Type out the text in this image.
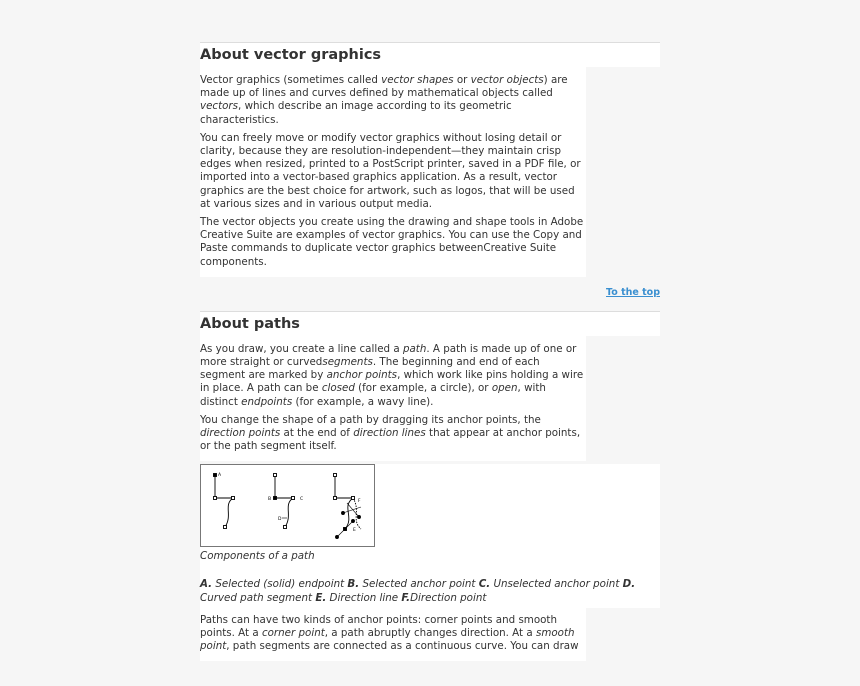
About vector graphics

Vector graphics (sometimes called vector shapes or vector objects) are made up of lines and curves defined by mathematical objects called vectors, which describe an image according to its geometric characteristics.

You can freely move or modify vector graphics without losing detail or clarity, because they are resolution-independent—they maintain crisp edges when resized, printed to a PostScript printer, saved in a PDF file, or imported into a vector-based graphics application. As a result, vector graphics are the best choice for artwork, such as logos, that will be used at various sizes and in various output media.

The vector objects you create using the drawing and shape tools in Adobe Creative Suite are examples of vector graphics. You can use the Copy and Paste commands to duplicate vector graphics betweenCreative Suite components.

To the top
About paths

As you draw, you create a line called a path. A path is made up of one or more straight or curvedsegments. The beginning and end of each segment are marked by anchor points, which work like pins holding a wire in place. A path can be closed (for example, a circle), or open, with distinct endpoints (for example, a wavy line).

You change the shape of a path by dragging its anchor points, the direction points at the end of direction lines that appear at anchor points, or the path segment itself.

A
B	C
D
F
E
Components of a path
A. Selected (solid) endpoint B. Selected anchor point C. Unselected anchor point D. Curved path segment E. Direction line F.Direction point

Paths can have two kinds of anchor points: corner points and smooth points. At a corner point, a path abruptly changes direction. At a smooth point, path segments are connected as a continuous curve. You can draw
